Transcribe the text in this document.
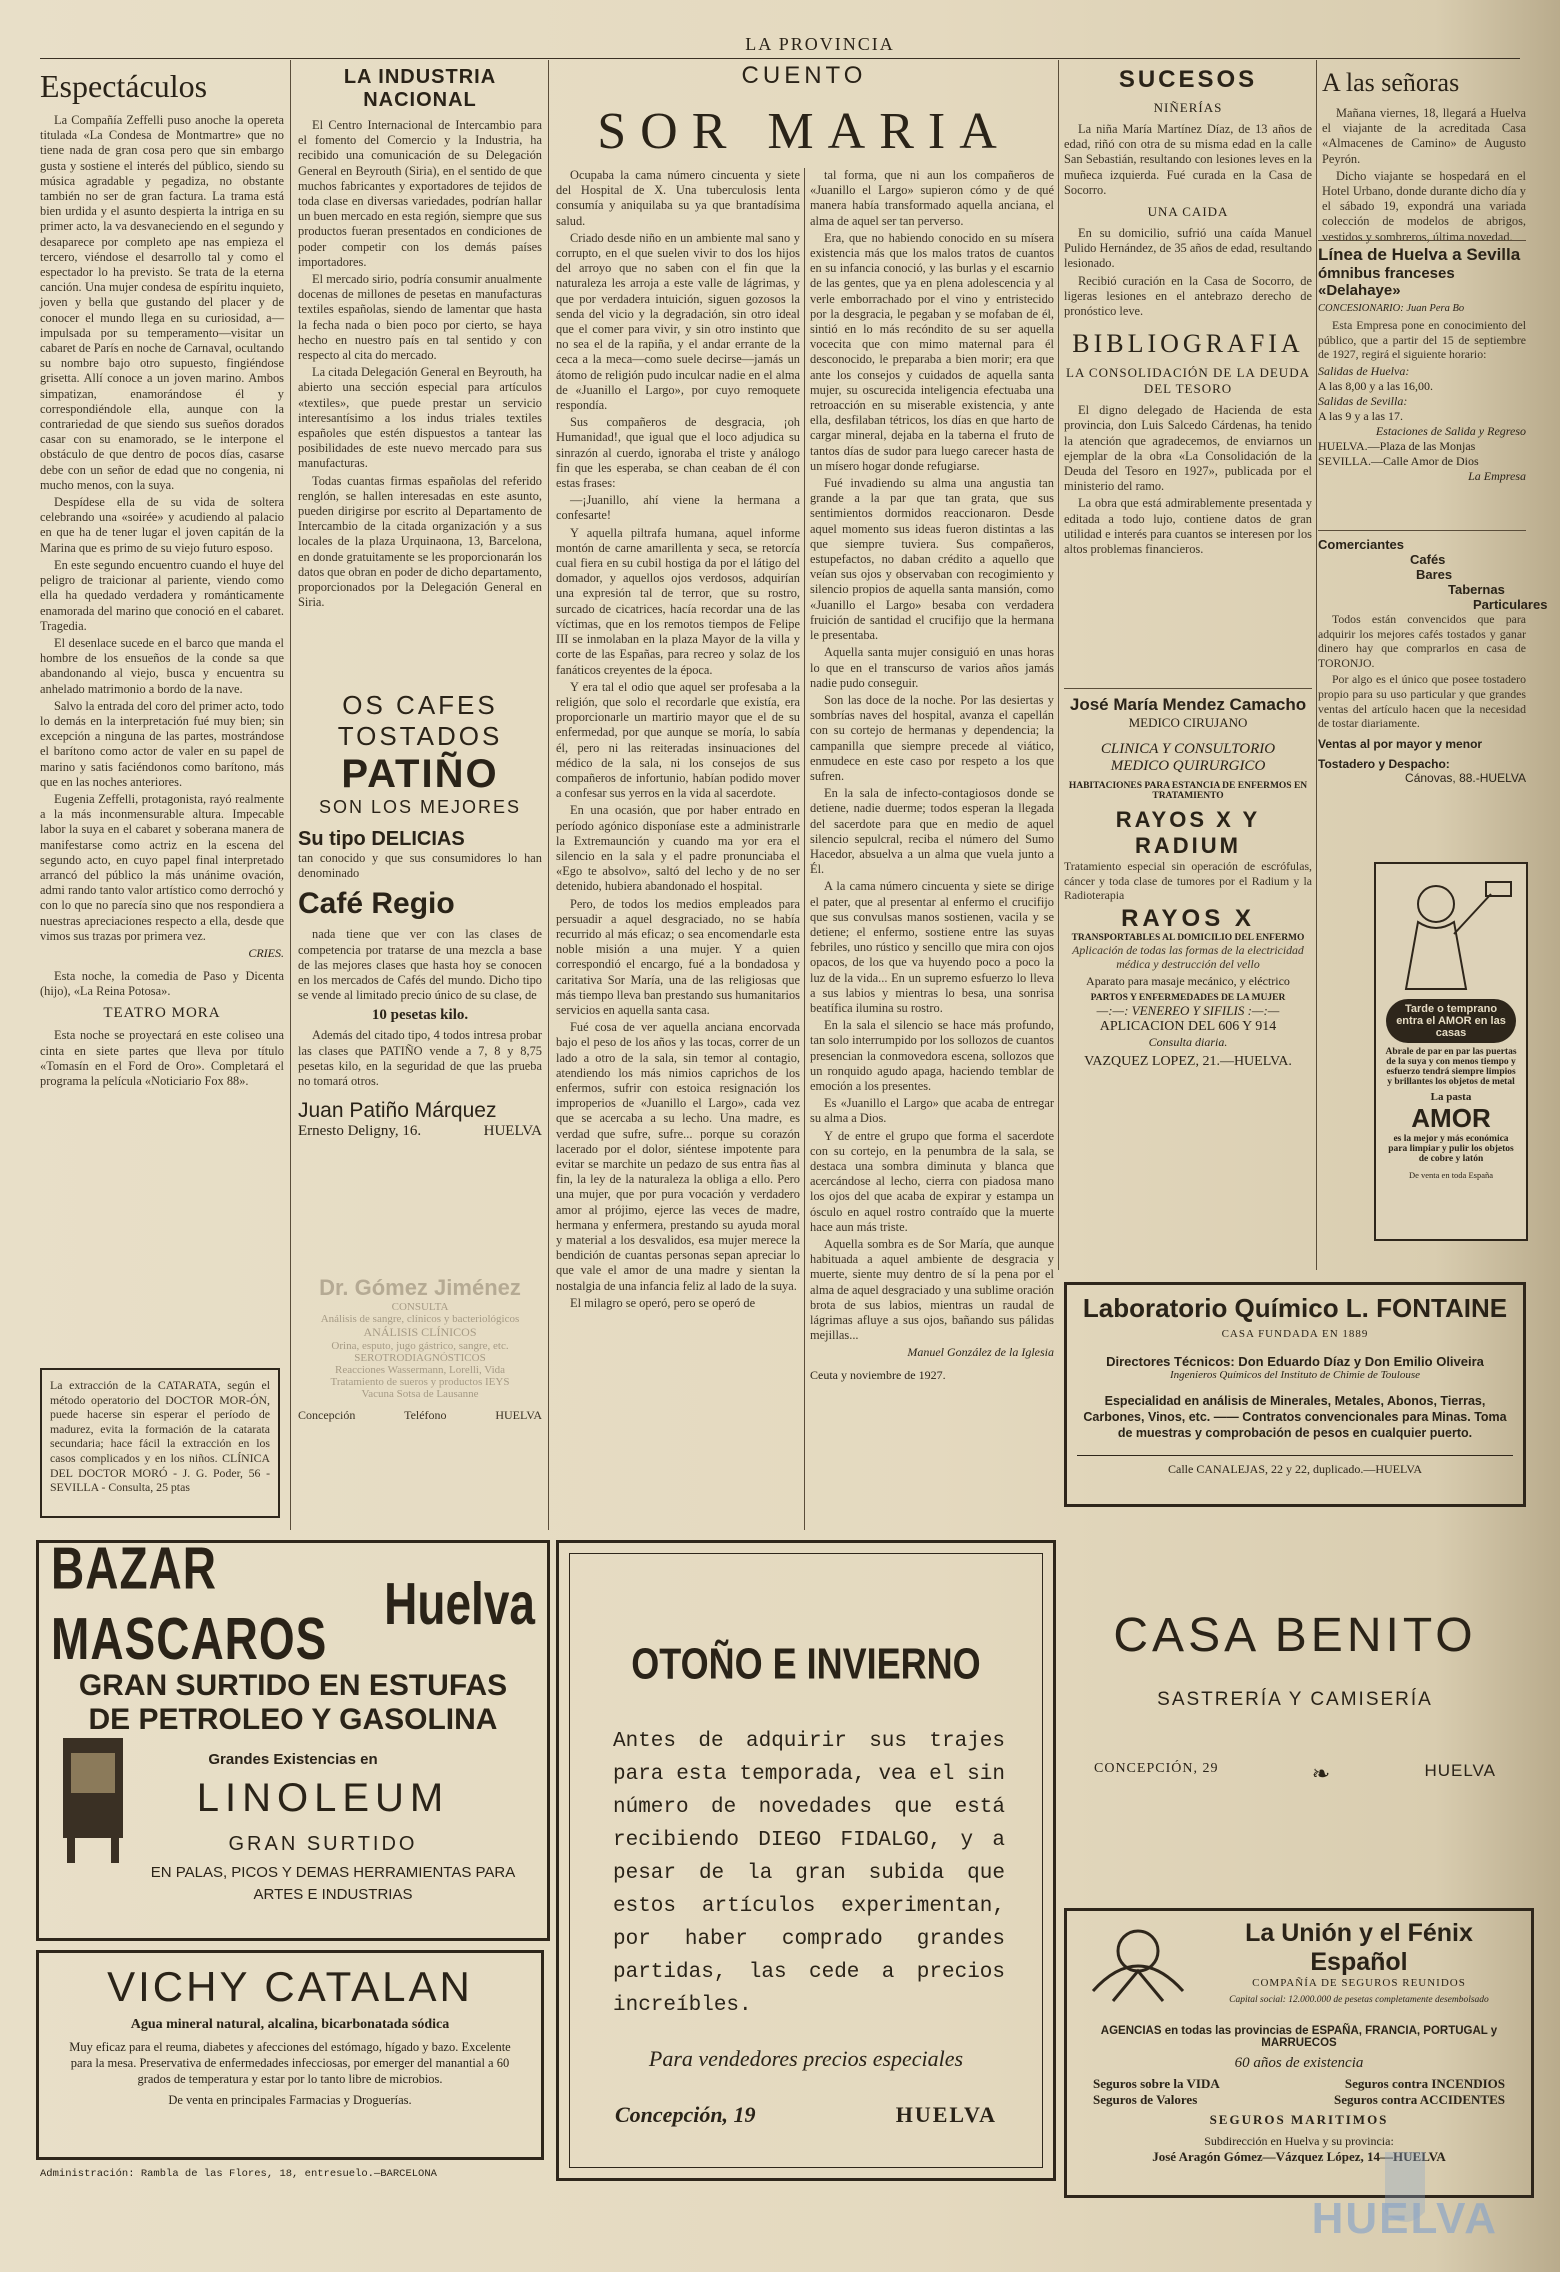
LA PROVINCIA
Espectáculos

La Compañía Zeffelli puso anoche la opereta titulada «La Condesa de Montmartre» que no tiene nada de gran cosa pero que sin embargo gusta y sostiene el interés del público, siendo su música agradable y pegadiza, no obstante también no ser de gran factura. La trama está bien urdida y el asunto despierta la intriga en su primer acto, la va desvaneciendo en el segundo y desaparece por completo ape nas empieza el tercero, viéndose el desarrollo tal y como el espectador lo ha previsto. Se trata de la eterna canción. Una mujer condesa de espíritu inquieto, joven y bella que gustando del placer y de conocer el mundo llega en su curiosidad, a—impulsada por su temperamento—visitar un cabaret de París en noche de Carnaval, ocultando su nombre bajo otro supuesto, fingiéndose grisetta. Allí conoce a un joven marino. Ambos simpatizan, enamorándose él y correspondiéndole ella, aunque con la contrariedad de que siendo sus sueños dorados casar con su enamorado, se le interpone el obstáculo de que dentro de pocos días, casarse debe con un señor de edad que no congenia, ni mucho menos, con la suya.

Despídese ella de su vida de soltera celebrando una «soirée» y acudiendo al palacio en que ha de tener lugar el joven capitán de la Marina que es primo de su viejo futuro esposo.

En este segundo encuentro cuando el huye del peligro de traicionar al pariente, viendo como ella ha quedado verdadera y románticamente enamorada del marino que conoció en el cabaret. Tragedia.

El desenlace sucede en el barco que manda el hombre de los ensueños de la conde sa que abandonando al viejo, busca y encuentra su anhelado matrimonio a bordo de la nave.

Salvo la entrada del coro del primer acto, todo lo demás en la interpretación fué muy bien; sin excepción a ninguna de las partes, mostrándose el barítono como actor de valer en su papel de marino y satis faciéndonos como barítono, más que en las noches anteriores.

Eugenia Zeffelli, protagonista, rayó realmente a la más inconmensurable altura. Impecable labor la suya en el cabaret y soberana manera de manifestarse como actriz en la escena del segundo acto, en cuyo papel final interpretado arrancó del público la más unánime ovación, admi rando tanto valor artístico como derrochó y con lo que no parecía sino que nos respondiera a nuestras apreciaciones respecto a ella, desde que vimos sus trazas por primera vez.

CRIES.

Esta noche, la comedia de Paso y Dicenta (hijo), «La Reina Potosa».

TEATRO MORA

Esta noche se proyectará en este coliseo una cinta en siete partes que lleva por título «Tomasín en el Ford de Oro». Completará el programa la película «Noticiario Fox 88».

La extracción de la CATARATA, según el método operatorio del DOCTOR MOR-ÓN, puede hacerse sin esperar el período de madurez, evita la formación de la catarata secundaria; hace fácil la extracción en los casos complicados y en los niños. CLÍNICA DEL DOCTOR MORÓ - J. G. Poder, 56 - SEVILLA - Consulta, 25 ptas

LA INDUSTRIA NACIONAL

El Centro Internacional de Intercambio para el fomento del Comercio y la Industria, ha recibido una comunicación de su Delegación General en Beyrouth (Siria), en el sentido de que muchos fabricantes y exportadores de tejidos de toda clase en diversas variedades, podrían hallar un buen mercado en esta región, siempre que sus productos fueran presentados en condiciones de poder competir con los demás países importadores.

El mercado sirio, podría consumir anualmente docenas de millones de pesetas en manufacturas textiles españolas, siendo de lamentar que hasta la fecha nada o bien poco por cierto, se haya hecho en nuestro país en tal sentido y con respecto al cita do mercado.

La citada Delegación General en Beyrouth, ha abierto una sección especial para artículos «textiles», que puede prestar un servicio interesantísimo a los indus triales textiles españoles que estén dispuestos a tantear las posibilidades de este nuevo mercado para sus manufacturas.

Todas cuantas firmas españolas del referido renglón, se hallen interesadas en este asunto, pueden dirigirse por escrito al Departamento de Intercambio de la citada organización y a sus locales de la plaza Urquinaona, 13, Barcelona, en donde gratuitamente se les proporcionarán los datos que obran en poder de dicho departamento, proporcionados por la Delegación General en Siria.

OS CAFES
TOSTADOS
PATIÑO
SON LOS MEJORES
Su tipo DELICIAS

tan conocido y que sus consumidores lo han denominado

Café Regio

nada tiene que ver con las clases de competencia por tratarse de una mezcla a base de las mejores clases que hasta hoy se conocen en los mercados de Cafés del mundo. Dicho tipo se vende al limitado precio único de su clase, de

10 pesetas kilo.

Además del citado tipo, 4 todos intresa probar las clases que PATIÑO vende a 7, 8 y 8,75 pesetas kilo, en la seguridad de que las prueba no tomará otros.

Juan Patiño Márquez
Ernesto Deligny, 16.	HUELVA
Dr. Gómez Jiménez
CONSULTA
Análisis de sangre, clínicos y bacteriológicos
ANÁLISIS CLÍNICOS
Orina, esputo, jugo gástrico, sangre, etc.
SEROTRODIAGNÓSTICOS
Reacciones Wassermann, Lorelli, Vida
Tratamiento de sueros y productos IEYS
Vacuna Sotsa de Lausanne
Concepción	Teléfono	HUELVA
CUENTO
SOR MARIA

Ocupaba la cama número cincuenta y siete del Hospital de X. Una tuberculosis lenta consumía y aniquilaba su ya que brantadísima salud.

Criado desde niño en un ambiente mal sano y corrupto, en el que suelen vivir to dos los hijos del arroyo que no saben con el fin que la naturaleza les arroja a este valle de lágrimas, y que por verdadera intuición, siguen gozosos la senda del vicio y la degradación, sin otro ideal que el comer para vivir, y sin otro instinto que no sea el de la rapiña, y el andar errante de la ceca a la meca—como suele decirse—jamás un átomo de religión pudo inculcar nadie en el alma de «Juanillo el Largo», por cuyo remoquete respondía.

Sus compañeros de desgracia, ¡oh Humanidad!, que igual que el loco adjudica su sinrazón al cuerdo, ignoraba el triste y análogo fin que les esperaba, se chan ceaban de él con estas frases:

—¡Juanillo, ahí viene la hermana a confesarte!

Y aquella piltrafa humana, aquel informe montón de carne amarillenta y seca, se retorcía cual fiera en su cubil hostiga da por el látigo del domador, y aquellos ojos verdosos, adquirían una expresión tal de terror, que su rostro, surcado de cicatrices, hacía recordar una de las víctimas, que en los remotos tiempos de Felipe III se inmolaban en la plaza Mayor de la villa y corte de las Españas, para recreo y solaz de los fanáticos creyentes de la época.

Y era tal el odio que aquel ser profesaba a la religión, que solo el recordarle que existía, era proporcionarle un martirio mayor que el de su enfermedad, por que aunque se moría, lo sabía él, pero ni las reiteradas insinuaciones del médico de la sala, ni los consejos de sus compañeros de infortunio, habían podido mover a confesar sus yerros en la vida al sacerdote.

En una ocasión, que por haber entrado en período agónico disponíase este a administrarle la Extremaunción y cuando ma yor era el silencio en la sala y el padre pronunciaba el «Ego te absolvo», saltó del lecho y de no ser detenido, hubiera abandonado el hospital.

Pero, de todos los medios empleados para persuadir a aquel desgraciado, no se había recurrido al más eficaz; o sea encomendarle esta noble misión a una mujer. Y a quien correspondió el encargo, fué a la bondadosa y caritativa Sor María, una de las religiosas que más tiempo lleva ban prestando sus humanitarios servicios en aquella santa casa.

Fué cosa de ver aquella anciana encorvada bajo el peso de los años y las tocas, correr de un lado a otro de la sala, sin temor al contagio, atendiendo los más nimios caprichos de los enfermos, sufrir con estoica resignación los improperios de «Juanillo el Largo», cada vez que se acercaba a su lecho. Una madre, es verdad que sufre, sufre... porque su corazón lacerado por el dolor, siéntese impotente para evitar se marchite un pedazo de sus entra ñas al fin, la ley de la naturaleza la obliga a ello. Pero una mujer, que por pura vocación y verdadero amor al prójimo, ejerce las veces de madre, hermana y enfermera, prestando su ayuda moral y material a los desvalidos, esa mujer merece la bendición de cuantas personas sepan apreciar lo que vale el amor de una madre y sientan la nostalgia de una infancia feliz al lado de la suya.

El milagro se operó, pero se operó de

tal forma, que ni aun los compañeros de «Juanillo el Largo» supieron cómo y de qué manera había transformado aquella anciana, el alma de aquel ser tan perverso.

Era, que no habiendo conocido en su mísera existencia más que los malos tratos de cuantos en su infancia conoció, y las burlas y el escarnio de las gentes, que ya en plena adolescencia y al verle emborrachado por el vino y entristecido por la desgracia, le pegaban y se mofaban de él, sintió en lo más recóndito de su ser aquella vocecita que con mimo maternal para él desconocido, le preparaba a bien morir; era que ante los consejos y cuidados de aquella santa mujer, su oscurecida inteligencia efectuaba una retroacción en su miserable existencia, y ante ella, desfilaban tétricos, los días en que harto de cargar mineral, dejaba en la taberna el fruto de tantos días de sudor para luego carecer hasta de un mísero hogar donde refugiarse.

Fué invadiendo su alma una angustia tan grande a la par que tan grata, que sus sentimientos dormidos reaccionaron. Desde aquel momento sus ideas fueron distintas a las que siempre tuviera. Sus compañeros, estupefactos, no daban crédito a aquello que veían sus ojos y observaban con recogimiento y silencio propios de aquella santa mansión, como «Juanillo el Largo» besaba con verdadera fruición de santidad el crucifijo que la hermana le presentaba.

Aquella santa mujer consiguió en unas horas lo que en el transcurso de varios años jamás nadie pudo conseguir.

Son las doce de la noche. Por las desiertas y sombrías naves del hospital, avanza el capellán con su cortejo de hermanas y dependencia; la campanilla que siempre precede al viático, enmudece en este caso por respeto a los que sufren.

En la sala de infecto-contagiosos donde se detiene, nadie duerme; todos esperan la llegada del sacerdote para que en medio de aquel silencio sepulcral, reciba el número del Sumo Hacedor, absuelva a un alma que vuela junto a Él.

A la cama número cincuenta y siete se dirige el pater, que al presentar al enfermo el crucifijo que sus convulsas manos sostienen, vacila y se detiene; el enfermo, sostiene entre las suyas febriles, uno rústico y sencillo que mira con ojos opacos, de los que va huyendo poco a poco la luz de la vida... En un supremo esfuerzo lo lleva a sus labios y mientras lo besa, una sonrisa beatífica ilumina su rostro.

En la sala el silencio se hace más profundo, tan solo interrumpido por los sollozos de cuantos presencian la conmovedora escena, sollozos que un ronquido agudo apaga, haciendo temblar de emoción a los presentes.

Es «Juanillo el Largo» que acaba de entregar su alma a Dios.

Y de entre el grupo que forma el sacerdote con su cortejo, en la penumbra de la sala, se destaca una sombra diminuta y blanca que acercándose al lecho, cierra con piadosa mano los ojos del que acaba de expirar y estampa un ósculo en aquel rostro contraído que la muerte hace aun más triste.

Aquella sombra es de Sor María, que aunque habituada a aquel ambiente de desgracia y muerte, siente muy dentro de sí la pena por el alma de aquel desgraciado y una sublime oración brota de sus labios, mientras un raudal de lágrimas afluye a sus ojos, bañando sus pálidas mejillas...

Manuel González de la Iglesia
Ceuta y noviembre de 1927.
SUCESOS
NIÑERÍAS

La niña María Martínez Díaz, de 13 años de edad, riñó con otra de su misma edad en la calle San Sebastián, resultando con lesiones leves en la muñeca izquierda. Fué curada en la Casa de Socorro.

UNA CAIDA

En su domicilio, sufrió una caída Manuel Pulido Hernández, de 35 años de edad, resultando lesionado.

Recibió curación en la Casa de Socorro, de ligeras lesiones en el antebrazo derecho de pronóstico leve.

BIBLIOGRAFIA
LA CONSOLIDACIÓN DE LA DEUDA DEL TESORO

El digno delegado de Hacienda de esta provincia, don Luis Salcedo Cárdenas, ha tenido la atención que agradecemos, de enviarnos un ejemplar de la obra «La Consolidación de la Deuda del Tesoro en 1927», publicada por el ministerio del ramo.

La obra que está admirablemente presentada y editada a todo lujo, contiene datos de gran utilidad e interés para cuantos se interesen por los altos problemas financieros.

José María Mendez Camacho
MEDICO CIRUJANO
CLINICA Y CONSULTORIO
MEDICO QUIRURGICO
HABITACIONES PARA ESTANCIA DE ENFERMOS EN TRATAMIENTO
RAYOS X Y RADIUM

Tratamiento especial sin operación de escrófulas, cáncer y toda clase de tumores por el Radium y la Radioterapia

RAYOS X
TRANSPORTABLES AL DOMICILIO DEL ENFERMO

Aplicación de todas las formas de la electricidad médica y destrucción del vello

Aparato para masaje mecánico, y eléctrico
PARTOS Y ENFERMEDADES DE LA MUJER
—:—: VENEREO Y SIFILIS :—:—
APLICACION DEL 606 Y 914
Consulta diaria.
VAZQUEZ LOPEZ, 21.—HUELVA.
A las señoras

Mañana viernes, 18, llegará a Huelva el viajante de la acreditada Casa «Almacenes de Camino» de Augusto Peyrón.

Dicho viajante se hospedará en el Hotel Urbano, donde durante dicho día y el sábado 19, expondrá una variada colección de modelos de abrigos, vestidos y sombreros, última novedad.

Línea de Huelva a Sevilla
ómnibus franceses «Delahaye»
CONCESIONARIO: Juan Pera Bo

Esta Empresa pone en conocimiento del público, que a partir del 15 de septiembre de 1927, regirá el siguiente horario:

Salidas de Huelva:
A las 8,00 y a las 16,00.
Salidas de Sevilla:
A las 9 y a las 17.
Estaciones de Salida y Regreso
HUELVA.—Plaza de las Monjas
SEVILLA.—Calle Amor de Dios
La Empresa
Comerciantes
Cafés
Bares
Tabernas
Particulares

Todos están convencidos que para adquirir los mejores cafés tostados y ganar dinero hay que comprarlos en casa de TORONJO.

Por algo es el único que posee tostadero propio para su uso particular y que grandes ventas del artículo hacen que la necesidad de tostar diariamente.

Ventas al por mayor y menor
Tostadero y Despacho:
Cánovas, 88.-HUELVA
Tarde o temprano entra el AMOR en las casas
Abrale de par en par las puertas de la suya y con menos tiempo y esfuerzo tendrá siempre limpios y brillantes los objetos de metal
La pasta
AMOR
es la mejor y más económica para limpiar y pulir los objetos de cobre y latón
De venta en toda España
Laboratorio Químico L. FONTAINE
CASA FUNDADA EN 1889
Directores Técnicos: Don Eduardo Díaz y Don Emilio Oliveira
Ingenieros Químicos del Instituto de Chimie de Toulouse
Especialidad en análisis de Minerales, Metales, Abonos, Tierras, Carbones, Vinos, etc. —— Contratos convencionales para Minas. Toma de muestras y comprobación de pesos en cualquier puerto.
Calle CANALEJAS, 22 y 22, duplicado.—HUELVA
BAZAR MASCAROS
Huelva
GRAN SURTIDO EN ESTUFAS
DE PETROLEO Y GASOLINA
Grandes Existencias en
LINOLEUM
GRAN SURTIDO
EN PALAS, PICOS Y DEMAS HERRAMIENTAS PARA ARTES E INDUSTRIAS
VICHY CATALAN
Agua mineral natural, alcalina, bicarbonatada sódica
Muy eficaz para el reuma, diabetes y afecciones del estómago, hígado y bazo. Excelente para la mesa. Preservativa de enfermedades infecciosas, por emerger del manantial a 60 grados de temperatura y estar por lo tanto libre de microbios.
De venta en principales Farmacias y Droguerías.
Administración: Rambla de las Flores, 18, entresuelo.—BARCELONA
OTOÑO E INVIERNO
Antes de adquirir sus trajes para esta temporada, vea el sin número de novedades que está recibiendo DIEGO FIDALGO, y a pesar de la gran subida que estos artículos experimentan, por haber comprado grandes partidas, las cede a precios increíbles.
Para vendedores precios especiales
Concepción, 19	HUELVA
CASA BENITO
SASTRERÍA Y CAMISERÍA
CONCEPCIÓN, 29	❧	HUELVA
La Unión y el Fénix Español
COMPAÑÍA DE SEGUROS REUNIDOS
Capital social: 12.000.000 de pesetas completamente desembolsado
AGENCIAS en todas las provincias de ESPAÑA, FRANCIA, PORTUGAL y MARRUECOS
60 años de existencia
Seguros sobre la VIDA	Seguros contra INCENDIOS
Seguros de Valores	Seguros contra ACCIDENTES
SEGUROS MARITIMOS
Subdirección en Huelva y su provincia:
José Aragón Gómez—Vázquez López, 14—HUELVA
HUELVA
